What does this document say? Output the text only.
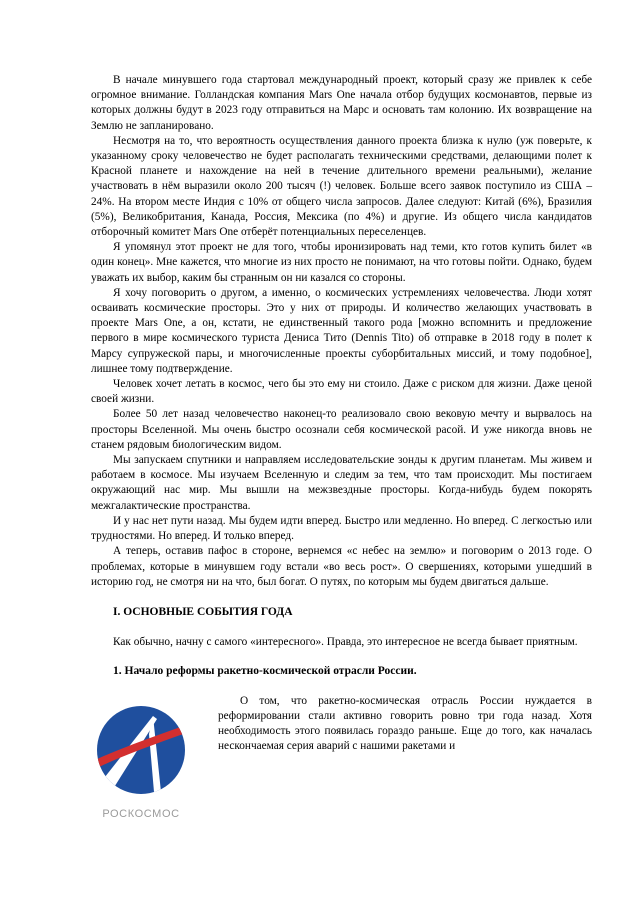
В начале минувшего года стартовал международный проект, который сразу же привлек к себе огромное внимание. Голландская компания Mars One начала отбор будущих космонавтов, первые из которых должны будут в 2023 году отправиться на Марс и основать там колонию. Их возвращение на Землю не запланировано.

Несмотря на то, что вероятность осуществления данного проекта близка к нулю (уж поверьте, к указанному сроку человечество не будет располагать техническими средствами, делающими полет к Красной планете и нахождение на ней в течение длительного времени реальными), желание участвовать в нём выразили около 200 тысяч (!) человек. Больше всего заявок поступило из США – 24%. На втором месте Индия с 10% от общего числа запросов. Далее следуют: Китай (6%), Бразилия (5%), Великобритания, Канада, Россия, Мексика (по 4%) и другие. Из общего числа кандидатов отборочный комитет Mars One отберёт потенциальных переселенцев.

Я упомянул этот проект не для того, чтобы иронизировать над теми, кто готов купить билет «в один конец». Мне кажется, что многие из них просто не понимают, на что готовы пойти. Однако, будем уважать их выбор, каким бы странным он ни казался со стороны.

Я хочу поговорить о другом, а именно, о космических устремлениях человечества. Люди хотят осваивать космические просторы. Это у них от природы. И количество желающих участвовать в проекте Mars One, а он, кстати, не единственный такого рода [можно вспомнить и предложение первого в мире космического туриста Дениса Тито (Dennis Tito) об отправке в 2018 году в полет к Марсу супружеской пары, и многочисленные проекты суборбитальных миссий, и тому подобное], лишнее тому подтверждение.

Человек хочет летать в космос, чего бы это ему ни стоило. Даже с риском для жизни. Даже ценой своей жизни.

Более 50 лет назад человечество наконец-то реализовало свою вековую мечту и вырвалось на просторы Вселенной. Мы очень быстро осознали себя космической расой. И уже никогда вновь не станем рядовым биологическим видом.

Мы запускаем спутники и направляем исследовательские зонды к другим планетам. Мы живем и работаем в космосе. Мы изучаем Вселенную и следим за тем, что там происходит. Мы постигаем окружающий нас мир. Мы вышли на межзвездные просторы. Когда-нибудь будем покорять межгалактические пространства.

И у нас нет пути назад. Мы будем идти вперед. Быстро или медленно. Но вперед. С легкостью или трудностями. Но вперед. И только вперед.

А теперь, оставив пафос в стороне, вернемся «с небес на землю» и поговорим о 2013 годе. О проблемах, которые в минувшем году встали «во весь рост». О свершениях, которыми ушедший в историю год, не смотря ни на что, был богат. О путях, по которым мы будем двигаться дальше.

I. ОСНОВНЫЕ СОБЫТИЯ ГОДА

Как обычно, начну с самого «интересного». Правда, это интересное не всегда бывает приятным.

1. Начало реформы ракетно-космической отрасли России.
РОСКОСМОС

О том, что ракетно-космическая отрасль России нуждается в реформировании стали активно говорить ровно три года назад. Хотя необходимость этого появилась гораздо раньше. Еще до того, как началась нескончаемая серия аварий с нашими ракетами и
